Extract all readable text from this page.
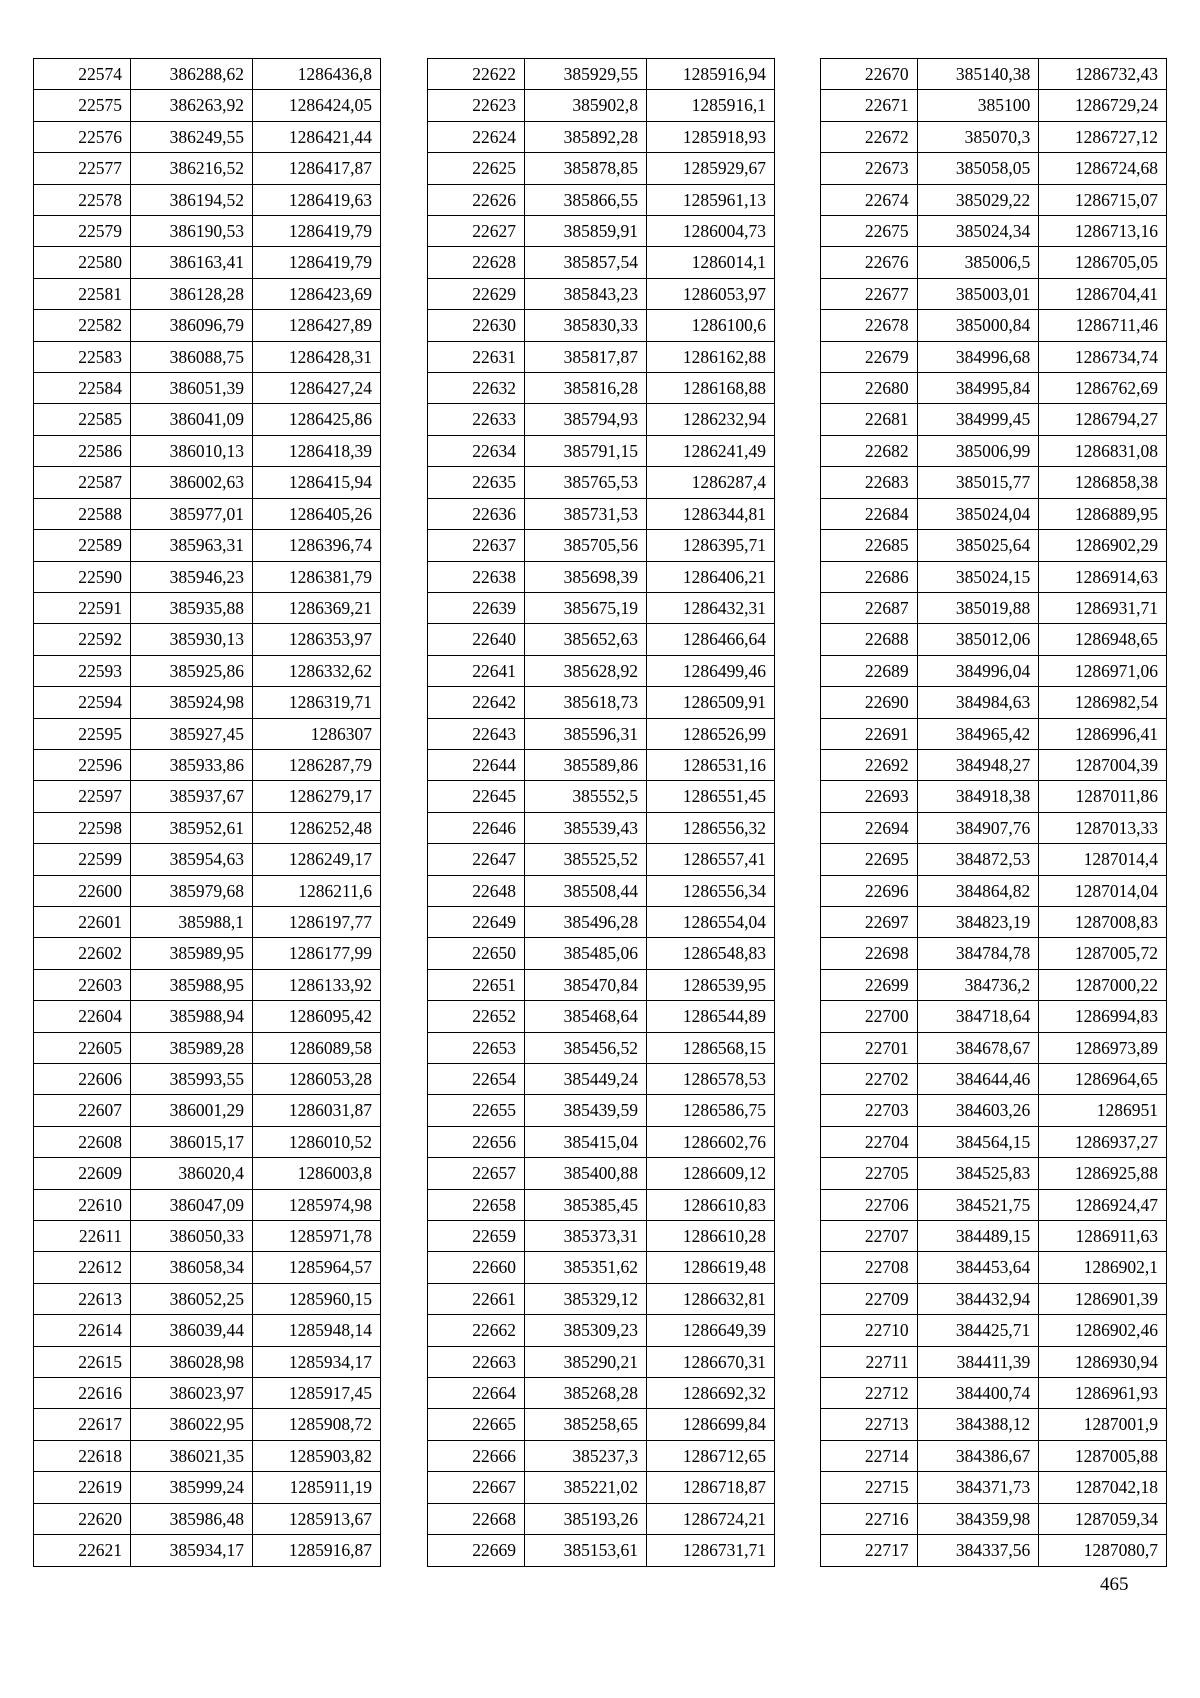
22574	386288,62	1286436,8
22575	386263,92	1286424,05
22576	386249,55	1286421,44
22577	386216,52	1286417,87
22578	386194,52	1286419,63
22579	386190,53	1286419,79
22580	386163,41	1286419,79
22581	386128,28	1286423,69
22582	386096,79	1286427,89
22583	386088,75	1286428,31
22584	386051,39	1286427,24
22585	386041,09	1286425,86
22586	386010,13	1286418,39
22587	386002,63	1286415,94
22588	385977,01	1286405,26
22589	385963,31	1286396,74
22590	385946,23	1286381,79
22591	385935,88	1286369,21
22592	385930,13	1286353,97
22593	385925,86	1286332,62
22594	385924,98	1286319,71
22595	385927,45	1286307
22596	385933,86	1286287,79
22597	385937,67	1286279,17
22598	385952,61	1286252,48
22599	385954,63	1286249,17
22600	385979,68	1286211,6
22601	385988,1	1286197,77
22602	385989,95	1286177,99
22603	385988,95	1286133,92
22604	385988,94	1286095,42
22605	385989,28	1286089,58
22606	385993,55	1286053,28
22607	386001,29	1286031,87
22608	386015,17	1286010,52
22609	386020,4	1286003,8
22610	386047,09	1285974,98
22611	386050,33	1285971,78
22612	386058,34	1285964,57
22613	386052,25	1285960,15
22614	386039,44	1285948,14
22615	386028,98	1285934,17
22616	386023,97	1285917,45
22617	386022,95	1285908,72
22618	386021,35	1285903,82
22619	385999,24	1285911,19
22620	385986,48	1285913,67
22621	385934,17	1285916,87
22622	385929,55	1285916,94
22623	385902,8	1285916,1
22624	385892,28	1285918,93
22625	385878,85	1285929,67
22626	385866,55	1285961,13
22627	385859,91	1286004,73
22628	385857,54	1286014,1
22629	385843,23	1286053,97
22630	385830,33	1286100,6
22631	385817,87	1286162,88
22632	385816,28	1286168,88
22633	385794,93	1286232,94
22634	385791,15	1286241,49
22635	385765,53	1286287,4
22636	385731,53	1286344,81
22637	385705,56	1286395,71
22638	385698,39	1286406,21
22639	385675,19	1286432,31
22640	385652,63	1286466,64
22641	385628,92	1286499,46
22642	385618,73	1286509,91
22643	385596,31	1286526,99
22644	385589,86	1286531,16
22645	385552,5	1286551,45
22646	385539,43	1286556,32
22647	385525,52	1286557,41
22648	385508,44	1286556,34
22649	385496,28	1286554,04
22650	385485,06	1286548,83
22651	385470,84	1286539,95
22652	385468,64	1286544,89
22653	385456,52	1286568,15
22654	385449,24	1286578,53
22655	385439,59	1286586,75
22656	385415,04	1286602,76
22657	385400,88	1286609,12
22658	385385,45	1286610,83
22659	385373,31	1286610,28
22660	385351,62	1286619,48
22661	385329,12	1286632,81
22662	385309,23	1286649,39
22663	385290,21	1286670,31
22664	385268,28	1286692,32
22665	385258,65	1286699,84
22666	385237,3	1286712,65
22667	385221,02	1286718,87
22668	385193,26	1286724,21
22669	385153,61	1286731,71
22670	385140,38	1286732,43
22671	385100	1286729,24
22672	385070,3	1286727,12
22673	385058,05	1286724,68
22674	385029,22	1286715,07
22675	385024,34	1286713,16
22676	385006,5	1286705,05
22677	385003,01	1286704,41
22678	385000,84	1286711,46
22679	384996,68	1286734,74
22680	384995,84	1286762,69
22681	384999,45	1286794,27
22682	385006,99	1286831,08
22683	385015,77	1286858,38
22684	385024,04	1286889,95
22685	385025,64	1286902,29
22686	385024,15	1286914,63
22687	385019,88	1286931,71
22688	385012,06	1286948,65
22689	384996,04	1286971,06
22690	384984,63	1286982,54
22691	384965,42	1286996,41
22692	384948,27	1287004,39
22693	384918,38	1287011,86
22694	384907,76	1287013,33
22695	384872,53	1287014,4
22696	384864,82	1287014,04
22697	384823,19	1287008,83
22698	384784,78	1287005,72
22699	384736,2	1287000,22
22700	384718,64	1286994,83
22701	384678,67	1286973,89
22702	384644,46	1286964,65
22703	384603,26	1286951
22704	384564,15	1286937,27
22705	384525,83	1286925,88
22706	384521,75	1286924,47
22707	384489,15	1286911,63
22708	384453,64	1286902,1
22709	384432,94	1286901,39
22710	384425,71	1286902,46
22711	384411,39	1286930,94
22712	384400,74	1286961,93
22713	384388,12	1287001,9
22714	384386,67	1287005,88
22715	384371,73	1287042,18
22716	384359,98	1287059,34
22717	384337,56	1287080,7
465
